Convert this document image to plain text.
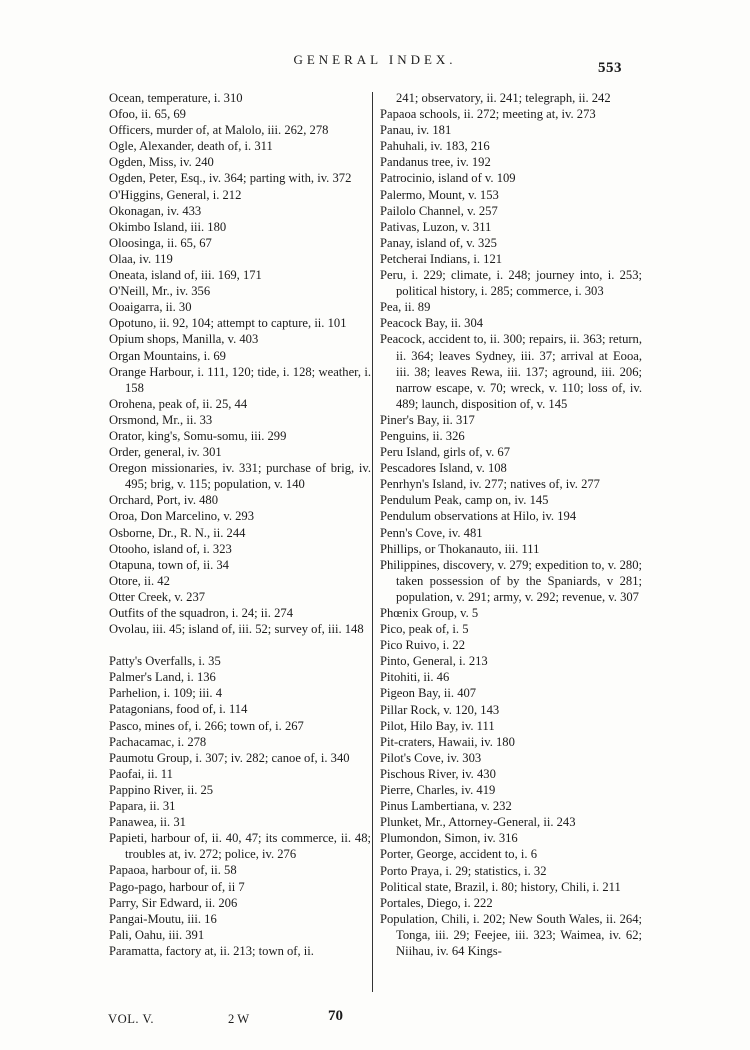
GENERAL INDEX.
553

Ocean, temperature, i. 310

Ofoo, ii. 65, 69

Officers, murder of, at Malolo, iii. 262, 278

Ogle, Alexander, death of, i. 311

Ogden, Miss, iv. 240

Ogden, Peter, Esq., iv. 364; parting with, iv. 372

O'Higgins, General, i. 212

Okonagan, iv. 433

Okimbo Island, iii. 180

Oloosinga, ii. 65, 67

Olaa, iv. 119

Oneata, island of, iii. 169, 171

O'Neill, Mr., iv. 356

Ooaigarra, ii. 30

Opotuno, ii. 92, 104; attempt to capture, ii. 101

Opium shops, Manilla, v. 403

Organ Mountains, i. 69

Orange Harbour, i. 111, 120; tide, i. 128; weather, i. 158

Orohena, peak of, ii. 25, 44

Orsmond, Mr., ii. 33

Orator, king's, Somu-somu, iii. 299

Order, general, iv. 301

Oregon missionaries, iv. 331; purchase of brig, iv. 495; brig, v. 115; population, v. 140

Orchard, Port, iv. 480

Oroa, Don Marcelino, v. 293

Osborne, Dr., R. N., ii. 244

Otooho, island of, i. 323

Otapuna, town of, ii. 34

Otore, ii. 42

Otter Creek, v. 237

Outfits of the squadron, i. 24; ii. 274

Ovolau, iii. 45; island of, iii. 52; survey of, iii. 148

Patty's Overfalls, i. 35

Palmer's Land, i. 136

Parhelion, i. 109; iii. 4

Patagonians, food of, i. 114

Pasco, mines of, i. 266; town of, i. 267

Pachacamac, i. 278

Paumotu Group, i. 307; iv. 282; canoe of, i. 340

Paofai, ii. 11

Pappino River, ii. 25

Papara, ii. 31

Panawea, ii. 31

Papieti, harbour of, ii. 40, 47; its commerce, ii. 48; troubles at, iv. 272; police, iv. 276

Papaoa, harbour of, ii. 58

Pago-pago, harbour of, ii 7

Parry, Sir Edward, ii. 206

Pangai-Moutu, iii. 16

Pali, Oahu, iii. 391

Paramatta, factory at, ii. 213; town of, ii.

241; observatory, ii. 241; telegraph, ii. 242

Papaoa schools, ii. 272; meeting at, iv. 273

Panau, iv. 181

Pahuhali, iv. 183, 216

Pandanus tree, iv. 192

Patrocinio, island of v. 109

Palermo, Mount, v. 153

Pailolo Channel, v. 257

Pativas, Luzon, v. 311

Panay, island of, v. 325

Petcherai Indians, i. 121

Peru, i. 229; climate, i. 248; journey into, i. 253; political history, i. 285; commerce, i. 303

Pea, ii. 89

Peacock Bay, ii. 304

Peacock, accident to, ii. 300; repairs, ii. 363; return, ii. 364; leaves Sydney, iii. 37; arrival at Eooa, iii. 38; leaves Rewa, iii. 137; aground, iii. 206; narrow escape, v. 70; wreck, v. 110; loss of, iv. 489; launch, disposition of, v. 145

Piner's Bay, ii. 317

Penguins, ii. 326

Peru Island, girls of, v. 67

Pescadores Island, v. 108

Penrhyn's Island, iv. 277; natives of, iv. 277

Pendulum Peak, camp on, iv. 145

Pendulum observations at Hilo, iv. 194

Penn's Cove, iv. 481

Phillips, or Thokanauto, iii. 111

Philippines, discovery, v. 279; expedition to, v. 280; taken possession of by the Spaniards, v 281; population, v. 291; army, v. 292; revenue, v. 307

Phœnix Group, v. 5

Pico, peak of, i. 5

Pico Ruivo, i. 22

Pinto, General, i. 213

Pitohiti, ii. 46

Pigeon Bay, ii. 407

Pillar Rock, v. 120, 143

Pilot, Hilo Bay, iv. 111

Pit-craters, Hawaii, iv. 180

Pilot's Cove, iv. 303

Pischous River, iv. 430

Pierre, Charles, iv. 419

Pinus Lambertiana, v. 232

Plunket, Mr., Attorney-General, ii. 243

Plumondon, Simon, iv. 316

Porter, George, accident to, i. 6

Porto Praya, i. 29; statistics, i. 32

Political state, Brazil, i. 80; history, Chili, i. 211

Portales, Diego, i. 222

Population, Chili, i. 202; New South Wales, ii. 264; Tonga, iii. 29; Feejee, iii. 323; Waimea, iv. 62; Niihau, iv. 64 Kings-

VOL. V.	2 W	70
